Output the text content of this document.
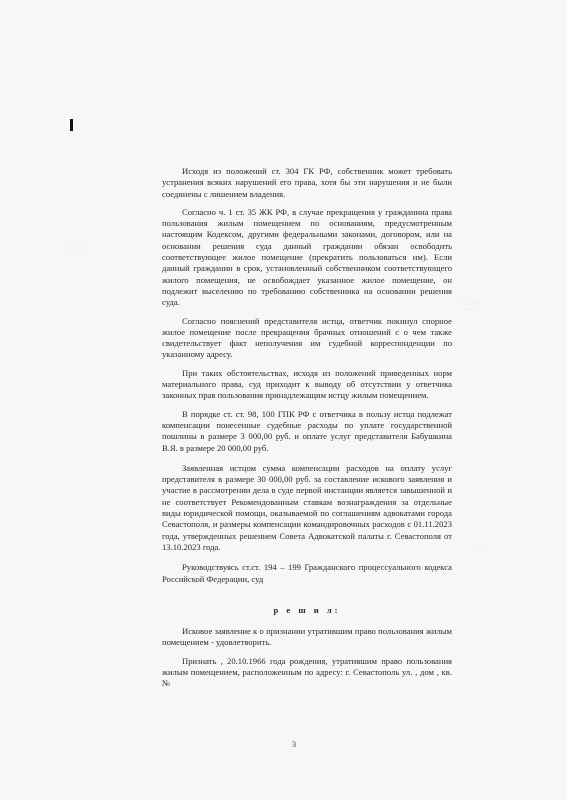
·· · ·· · ···
··· · · ·· ·
··· · ·· ··
· ·· ·· ·
· ·· ···

Исходя из положений ст. 304 ГК РФ, собственник может требовать устранения всяких нарушений его права, хотя бы эти нарушения и не были соединены с лишением владения.

Согласно ч. 1 ст. 35 ЖК РФ, в случае прекращения у гражданина права пользования жилым помещением по основаниям, предусмотренным настоящим Кодексом, другими федеральными законами, договором, или на основании решения суда данный гражданин обязан освободить соответствующее жилое помещение (прекратить пользоваться им). Если данный гражданин в срок, установленный собственником соответствующего жилого помещения, не освобождает указанное жилое помещение, он подлежит выселению по требованию собственника на основании решения суда.

Согласно пояснений представителя истца, ответчик покинул спорное жилое помещение после прекращения брачных отношений с о чем также свидетельствует факт неполучения им судебной корреспонденции по указанному адресу.

При таких обстоятельствах, исходя из положений приведенных норм материального права, суд приходит к выводу об отсутствии у ответчика законных прав пользования принадлежащим истцу жилым помещением.

В порядке ст. ст. 98, 100 ГПК РФ с ответчика в пользу истца подлежат компенсации понесенные судебные расходы по уплате государственной пошлины в размере 3 000,00 руб. и оплате услуг представителя Бабушкина В.Я. в размере 20 000,00 руб.

Заявленная истцом сумма компенсации расходов на оплату услуг представителя в размере 30 000,00 руб. за составление искового заявления и участие в рассмотрении дела в суде первой инстанции является завышенной и не соответствует Рекомендованным ставкам вознаграждения за отдельные виды юридической помощи, оказываемой по соглашениям адвокатами города Севастополя, и размеры компенсации командировочных расходов с 01.11.2023 года, утвержденных решением Совета Адвокатской палаты г. Севастополя от 13.10.2023 года.

Руководствуясь ст.ст. 194 – 199 Гражданского процессуального кодекса Российской Федерации, суд

р е ш и л:

Исковое заявление к о признании утратившим право пользования жилым помещением - удовлетворить.

Признать , 20.10.1966 года рождения, утратившим право пользования жилым помещением, расположенным по адресу: г. Севастополь ул. , дом , кв. №

3
